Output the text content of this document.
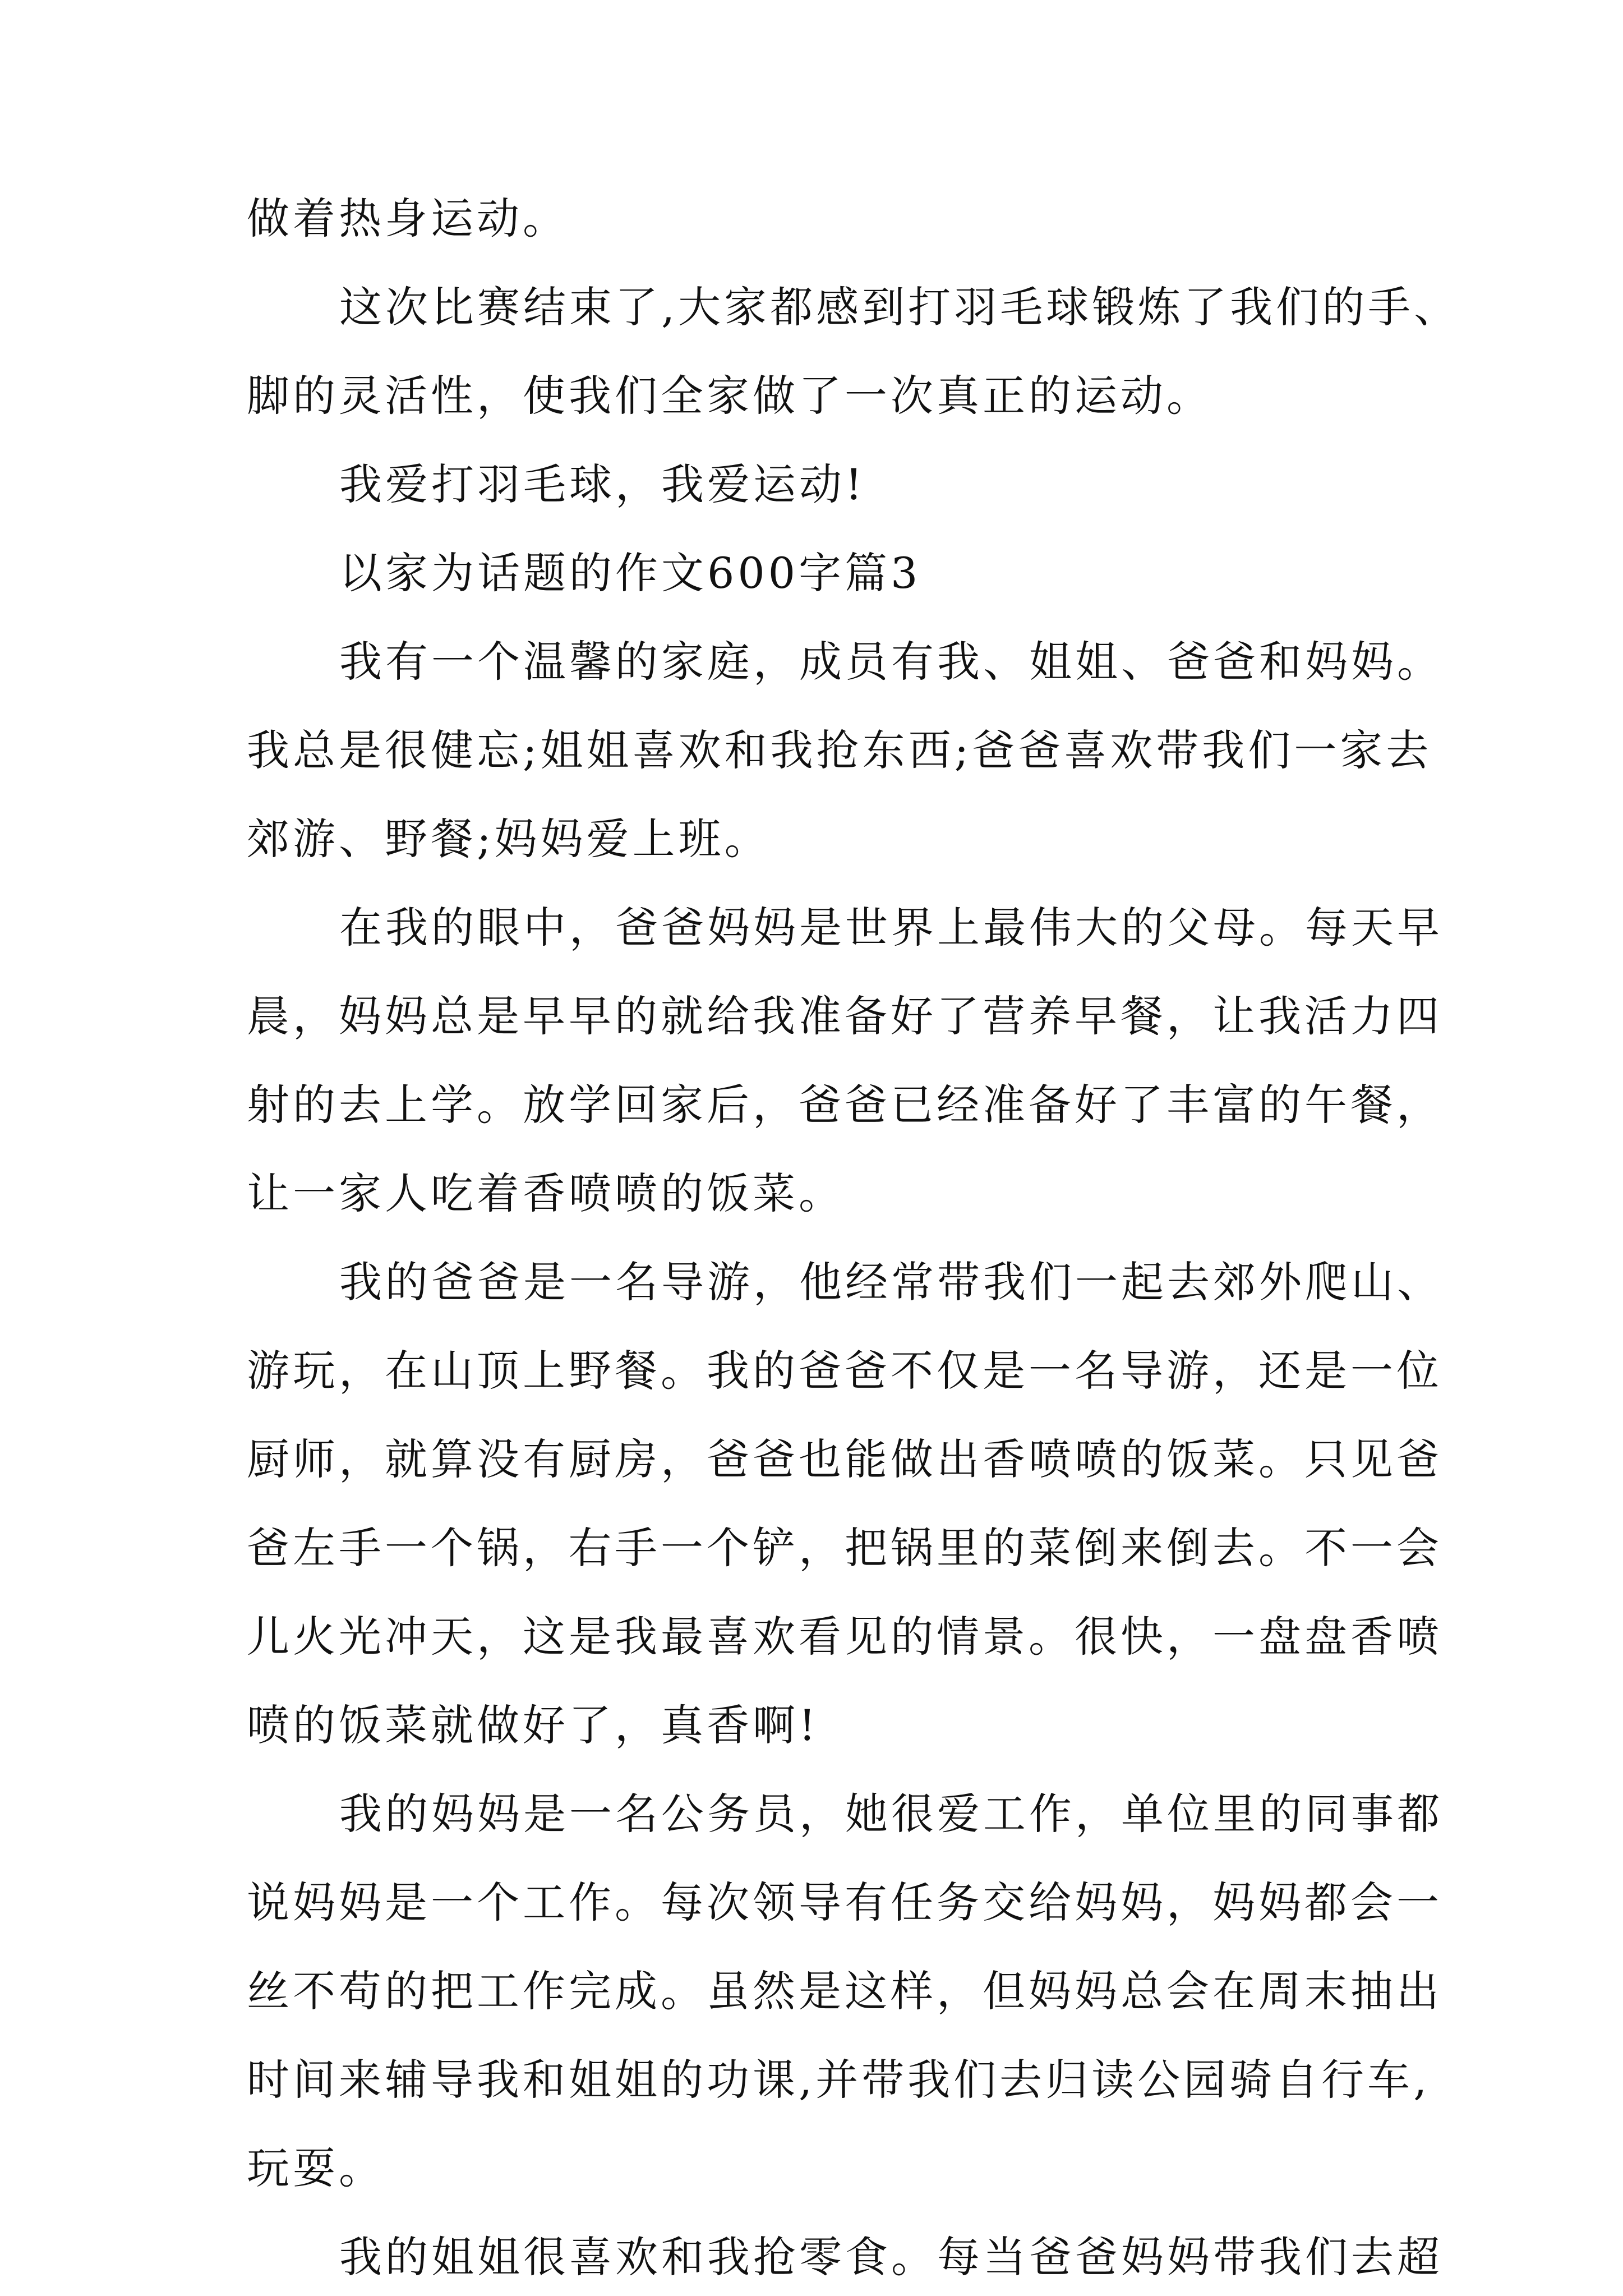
做着热身运动。
这次比赛结束了,大家都感到打羽毛球锻炼了我们的手、
脚的灵活性，使我们全家做了一次真正的运动。
我爱打羽毛球，我爱运动!
以家为话题的作文600字篇3
我有一个温馨的家庭，成员有我、姐姐、爸爸和妈妈。
我总是很健忘;姐姐喜欢和我抢东西;爸爸喜欢带我们一家去
郊游、野餐;妈妈爱上班。
在我的眼中，爸爸妈妈是世界上最伟大的父母。每天早
晨，妈妈总是早早的就给我准备好了营养早餐，让我活力四
射的去上学。放学回家后，爸爸已经准备好了丰富的午餐，
让一家人吃着香喷喷的饭菜。
我的爸爸是一名导游，他经常带我们一起去郊外爬山、
游玩，在山顶上野餐。我的爸爸不仅是一名导游，还是一位
厨师，就算没有厨房，爸爸也能做出香喷喷的饭菜。只见爸
爸左手一个锅，右手一个铲，把锅里的菜倒来倒去。不一会
儿火光冲天，这是我最喜欢看见的情景。很快，一盘盘香喷
喷的饭菜就做好了，真香啊!
我的妈妈是一名公务员，她很爱工作，单位里的同事都
说妈妈是一个工作。每次领导有任务交给妈妈，妈妈都会一
丝不苟的把工作完成。虽然是这样，但妈妈总会在周末抽出
时间来辅导我和姐姐的功课,并带我们去归读公园骑自行车,
玩耍。
我的姐姐很喜欢和我抢零食。每当爸爸妈妈带我们去超
